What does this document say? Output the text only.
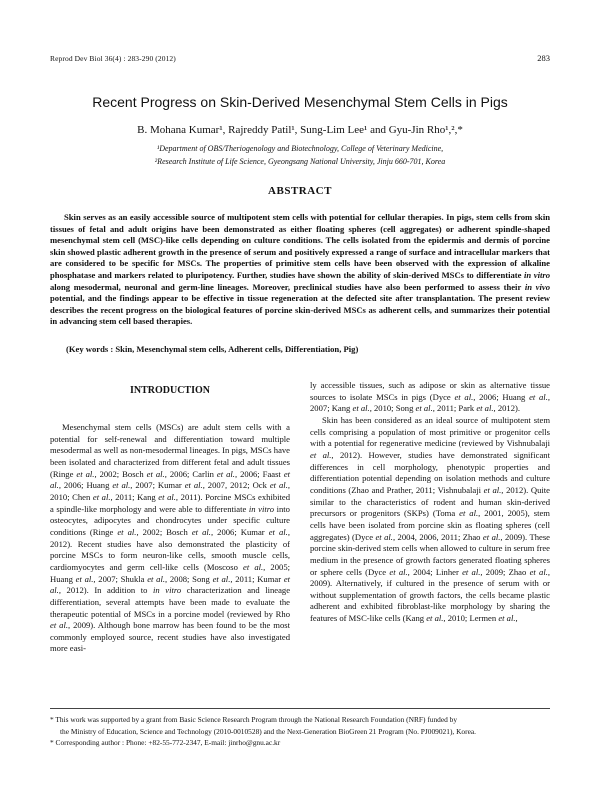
Reprod Dev Biol 36(4) : 283-290 (2012)	283
Recent Progress on Skin-Derived Mesenchymal Stem Cells in Pigs
B. Mohana Kumar¹, Rajreddy Patil¹, Sung-Lim Lee¹ and Gyu-Jin Rho¹,²,*
¹Department of OBS/Theriogenology and Biotechnology, College of Veterinary Medicine,
²Research Institute of Life Science, Gyeongsang National University, Jinju 660-701, Korea
ABSTRACT

Skin serves as an easily accessible source of multipotent stem cells with potential for cellular therapies. In pigs, stem cells from skin tissues of fetal and adult origins have been demonstrated as either floating spheres (cell aggregates) or adherent spindle-shaped mesenchymal stem cell (MSC)-like cells depending on culture conditions. The cells isolated from the epidermis and dermis of porcine skin showed plastic adherent growth in the presence of serum and positively expressed a range of surface and intracellular markers that are considered to be specific for MSCs. The properties of primitive stem cells have been observed with the expression of alkaline phosphatase and markers related to pluripotency. Further, studies have shown the ability of skin-derived MSCs to differentiate in vitro along mesodermal, neuronal and germ-line lineages. Moreover, preclinical studies have also been performed to assess their in vivo potential, and the findings appear to be effective in tissue regeneration at the defected site after transplantation. The present review describes the recent progress on the biological features of porcine skin-derived MSCs as adherent cells, and summarizes their potential in advancing stem cell based therapies.

(Key words : Skin, Mesenchymal stem cells, Adherent cells, Differentiation, Pig)
INTRODUCTION

Mesenchymal stem cells (MSCs) are adult stem cells with a potential for self-renewal and differentiation toward multiple mesodermal as well as non-mesodermal lineages. In pigs, MSCs have been isolated and characterized from different fetal and adult tissues (Ringe et al., 2002; Bosch et al., 2006; Carlin et al., 2006; Faast et al., 2006; Huang et al., 2007; Kumar et al., 2007, 2012; Ock et al., 2010; Chen et al., 2011; Kang et al., 2011). Porcine MSCs exhibited a spindle-like morphology and were able to differentiate in vitro into osteocytes, adipocytes and chondrocytes under specific culture conditions (Ringe et al., 2002; Bosch et al., 2006; Kumar et al., 2012). Recent studies have also demonstrated the plasticity of porcine MSCs to form neuron-like cells, smooth muscle cells, cardiomyocytes and germ cell-like cells (Moscoso et al., 2005; Huang et al., 2007; Shukla et al., 2008; Song et al., 2011; Kumar et al., 2012). In addition to in vitro characterization and lineage differentiation, several attempts have been made to evaluate the therapeutic potential of MSCs in a porcine model (reviewed by Rho et al., 2009). Although bone marrow has been found to be the most commonly employed source, recent studies have also investigated more easi-

ly accessible tissues, such as adipose or skin as alternative tissue sources to isolate MSCs in pigs (Dyce et al., 2006; Huang et al., 2007; Kang et al., 2010; Song et al., 2011; Park et al., 2012).

Skin has been considered as an ideal source of multipotent stem cells comprising a population of most primitive or progenitor cells with a potential for regenerative medicine (reviewed by Vishnubalaji et al., 2012). However, studies have demonstrated significant differences in cell morphology, phenotypic properties and differentiation potential depending on isolation methods and culture conditions (Zhao and Prather, 2011; Vishnubalaji et al., 2012). Quite similar to the characteristics of rodent and human skin-derived precursors or progenitors (SKPs) (Toma et al., 2001, 2005), stem cells have been isolated from porcine skin as floating spheres (cell aggregates) (Dyce et al., 2004, 2006, 2011; Zhao et al., 2009). These porcine skin-derived stem cells when allowed to culture in serum free medium in the presence of growth factors generated floating spheres or sphere cells (Dyce et al., 2004; Linher et al., 2009; Zhao et al., 2009). Alternatively, if cultured in the presence of serum with or without supplementation of growth factors, the cells became plastic adherent and exhibited fibroblast-like morphology by sharing the features of MSC-like cells (Kang et al., 2010; Lermen et al.,

* This work was supported by a grant from Basic Science Research Program through the National Research Foundation (NRF) funded by

the Ministry of Education, Science and Technology (2010-0010528) and the Next-Generation BioGreen 21 Program (No. PJ009021), Korea.

* Corresponding author : Phone: +82-55-772-2347, E-mail: jinrho@gnu.ac.kr
